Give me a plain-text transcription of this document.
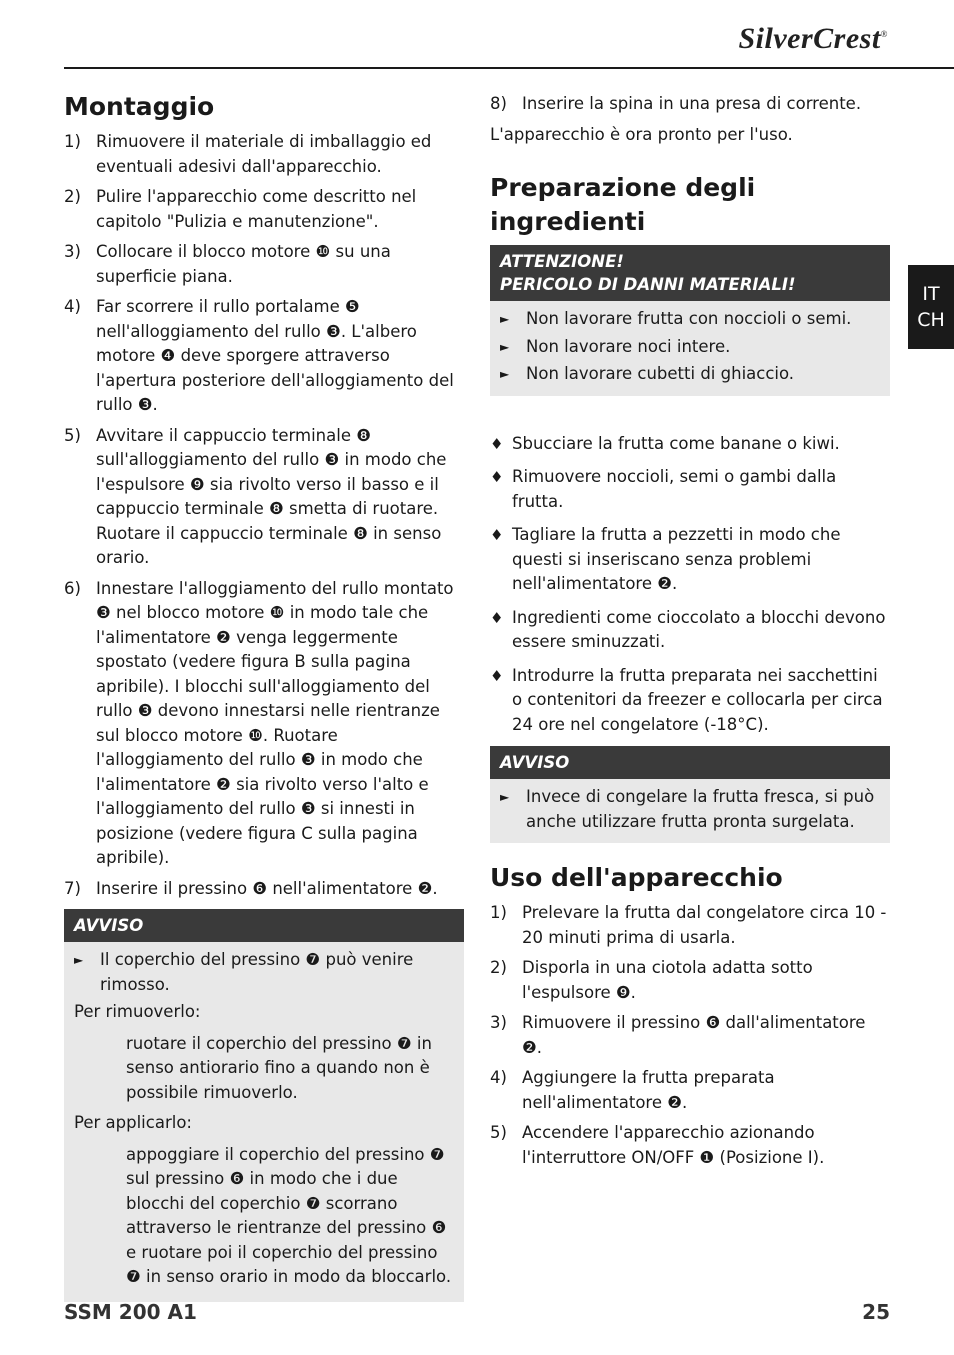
SilverCrest®
IT
CH
Montaggio
1) Rimuovere il materiale di imballaggio ed eventuali adesivi dall'apparecchio.
2) Pulire l'apparecchio come descritto nel capitolo "Pulizia e manutenzione".
3) Collocare il blocco motore ❿ su una superficie piana.
4) Far scorrere il rullo portalame ❺ nell'alloggiamento del rullo ❸. L'albero motore ❹ deve sporgere attraverso l'apertura posteriore dell'alloggiamento del rullo ❸.
5) Avvitare il cappuccio terminale ❽ sull'alloggiamento del rullo ❸ in modo che l'espulsore ❾ sia rivolto verso il basso e il cappuccio terminale ❽ smetta di ruotare. Ruotare il cappuccio terminale ❽ in senso orario.
6) Innestare l'alloggiamento del rullo montato ❸ nel blocco motore ❿ in modo tale che l'alimentatore ❷ venga leggermente spostato (vedere figura B sulla pagina apribile). I blocchi sull'alloggiamento del rullo ❸ devono innestarsi nelle rientranze sul blocco motore ❿. Ruotare l'alloggiamento del rullo ❸ in modo che l'alimentatore ❷ sia rivolto verso l'alto e l'alloggiamento del rullo ❸ si innesti in posizione (vedere figura C sulla pagina apribile).
7) Inserire il pressino ❻ nell'alimentatore ❷.
AVVISO
►	Il coperchio del pressino ❼ può venire rimosso.

Per rimuoverlo:

ruotare il coperchio del pressino ❼ in senso antiorario fino a quando non è possibile rimuoverlo.

Per applicarlo:

appoggiare il coperchio del pressino ❼ sul pressino ❻ in modo che i due blocchi del coperchio ❼ scorrano attraverso le rientranze del pressino ❻ e ruotare poi il coperchio del pressino ❼ in senso orario in modo da bloccarlo.
8) Inserire la spina in una presa di corrente.

L'apparecchio è ora pronto per l'uso.

Preparazione degli ingredienti
ATTENZIONE!
PERICOLO DI DANNI MATERIALI!
►	Non lavorare frutta con noccioli o semi.
►	Non lavorare noci intere.
►	Non lavorare cubetti di ghiaccio.
♦ Sbucciare la frutta come banane o kiwi.
♦ Rimuovere noccioli, semi o gambi dalla frutta.
♦ Tagliare la frutta a pezzetti in modo che questi si inseriscano senza problemi nell'alimentatore ❷.
♦ Ingredienti come cioccolato a blocchi devono essere sminuzzati.
♦ Introdurre la frutta preparata nei sacchettini o contenitori da freezer e collocarla per circa 24 ore nel congelatore (-18°C).
AVVISO
►	Invece di congelare la frutta fresca, si può anche utilizzare frutta pronta surgelata.
Uso dell'apparecchio
1) Prelevare la frutta dal congelatore circa 10 - 20 minuti prima di usarla.
2) Disporla in una ciotola adatta sotto l'espulsore ❾.
3) Rimuovere il pressino ❻ dall'alimentatore ❷.
4) Aggiungere la frutta preparata nell'alimentatore ❷.
5) Accendere l'apparecchio azionando l'interruttore ON/OFF ❶ (Posizione I).
SSM 200 A1	25
